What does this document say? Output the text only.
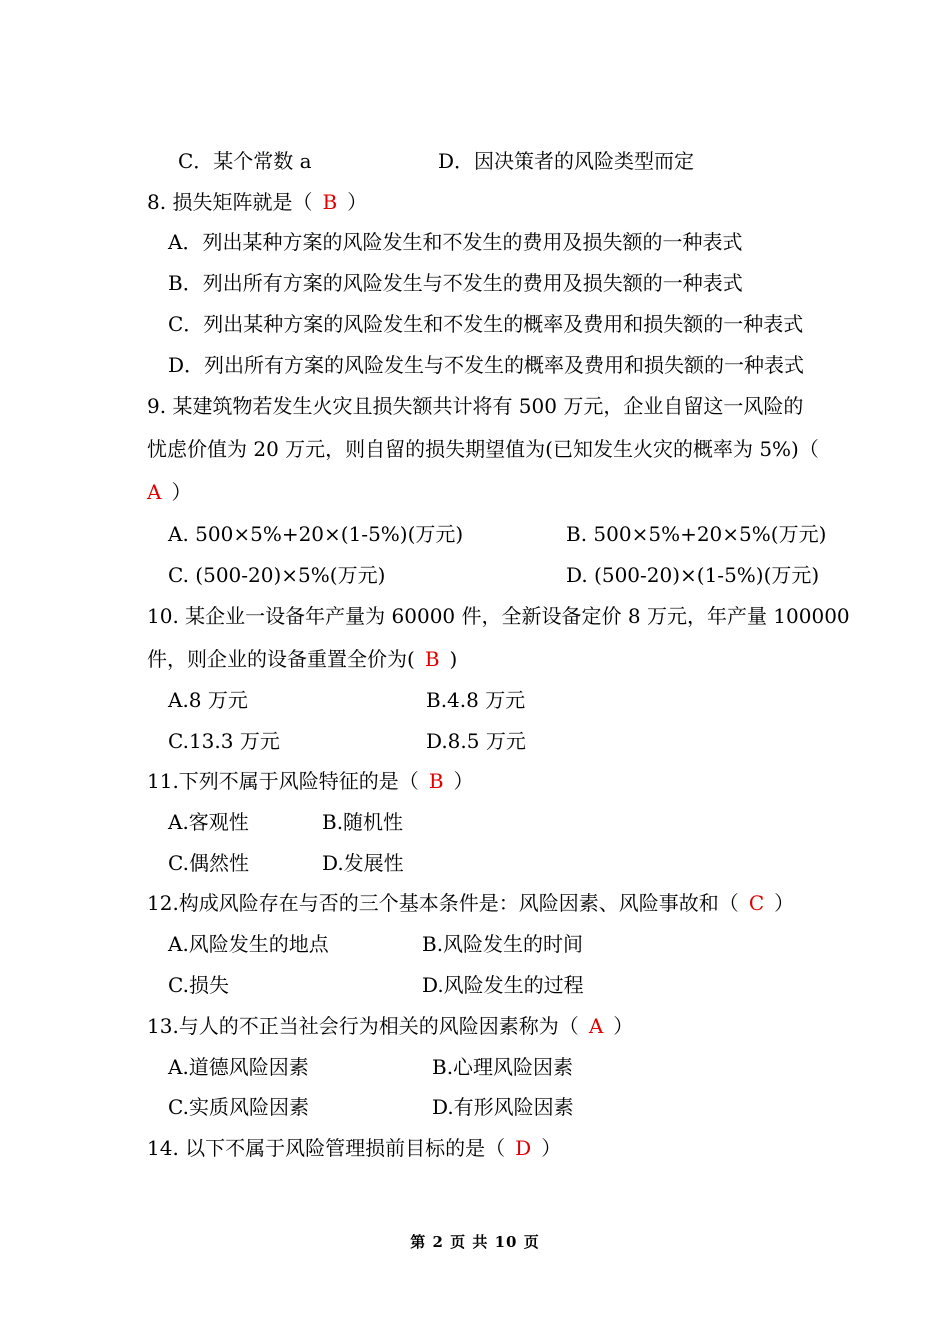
C．某个常数 a	D．因决策者的风险类型而定
8. 损失矩阵就是（ B ）
A．列出某种方案的风险发生和不发生的费用及损失额的一种表式
B．列出所有方案的风险发生与不发生的费用及损失额的一种表式
C．列出某种方案的风险发生和不发生的概率及费用和损失额的一种表式
D．列出所有方案的风险发生与不发生的概率及费用和损失额的一种表式
9. 某建筑物若发生火灾且损失额共计将有 500 万元，企业自留这一风险的
忧虑价值为 20 万元，则自留的损失期望值为(已知发生火灾的概率为 5%)（
A ）
A. 500×5%+20×(1-5%)(万元)	B. 500×5%+20×5%(万元)
C. (500-20)×5%(万元)	D. (500-20)×(1-5%)(万元)
10. 某企业一设备年产量为 60000 件，全新设备定价 8 万元，年产量 100000
件，则企业的设备重置全价为( B )
A.8 万元	B.4.8 万元
C.13.3 万元	D.8.5 万元
11.下列不属于风险特征的是（ B ）
A.客观性	B.随机性
C.偶然性	D.发展性
12.构成风险存在与否的三个基本条件是：风险因素、风险事故和（ C ）
A.风险发生的地点	B.风险发生的时间
C.损失	D.风险发生的过程
13.与人的不正当社会行为相关的风险因素称为（ A ）
A.道德风险因素	B.心理风险因素
C.实质风险因素	D.有形风险因素
14. 以下不属于风险管理损前目标的是（ D ）
第 2 页 共 10 页
